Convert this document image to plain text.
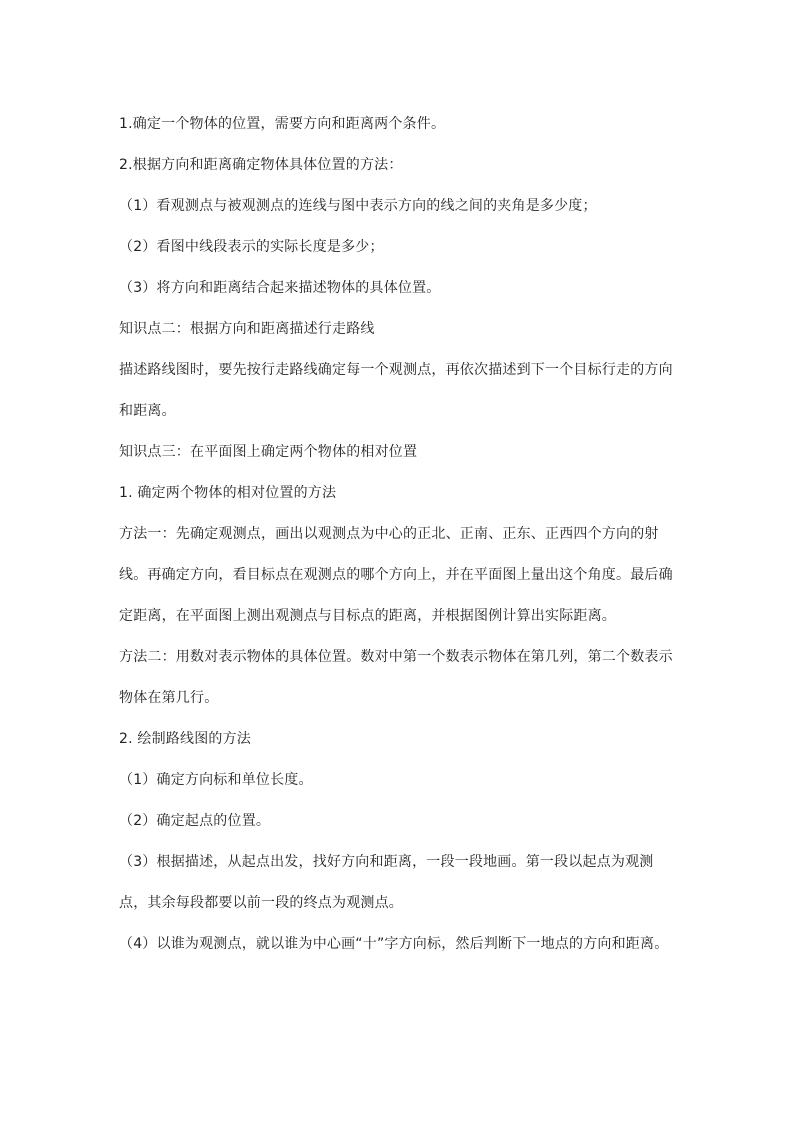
1.确定一个物体的位置，需要方向和距离两个条件。

2.根据方向和距离确定物体具体位置的方法：

（1）看观测点与被观测点的连线与图中表示方向的线之间的夹角是多少度；

（2）看图中线段表示的实际长度是多少；

（3）将方向和距离结合起来描述物体的具体位置。

知识点二：根据方向和距离描述行走路线

描述路线图时，要先按行走路线确定每一个观测点，再依次描述到下一个目标行走的方向和距离。

知识点三：在平面图上确定两个物体的相对位置

1. 确定两个物体的相对位置的方法

方法一：先确定观测点，画出以观测点为中心的正北、正南、正东、正西四个方向的射线。再确定方向，看目标点在观测点的哪个方向上，并在平面图上量出这个角度。最后确定距离，在平面图上测出观测点与目标点的距离，并根据图例计算出实际距离。

方法二：用数对表示物体的具体位置。数对中第一个数表示物体在第几列，第二个数表示物体在第几行。

2. 绘制路线图的方法

（1）确定方向标和单位长度。

（2）确定起点的位置。

（3）根据描述，从起点出发，找好方向和距离，一段一段地画。第一段以起点为观测点，其余每段都要以前一段的终点为观测点。

（4）以谁为观测点，就以谁为中心画“十”字方向标，然后判断下一地点的方向和距离。
